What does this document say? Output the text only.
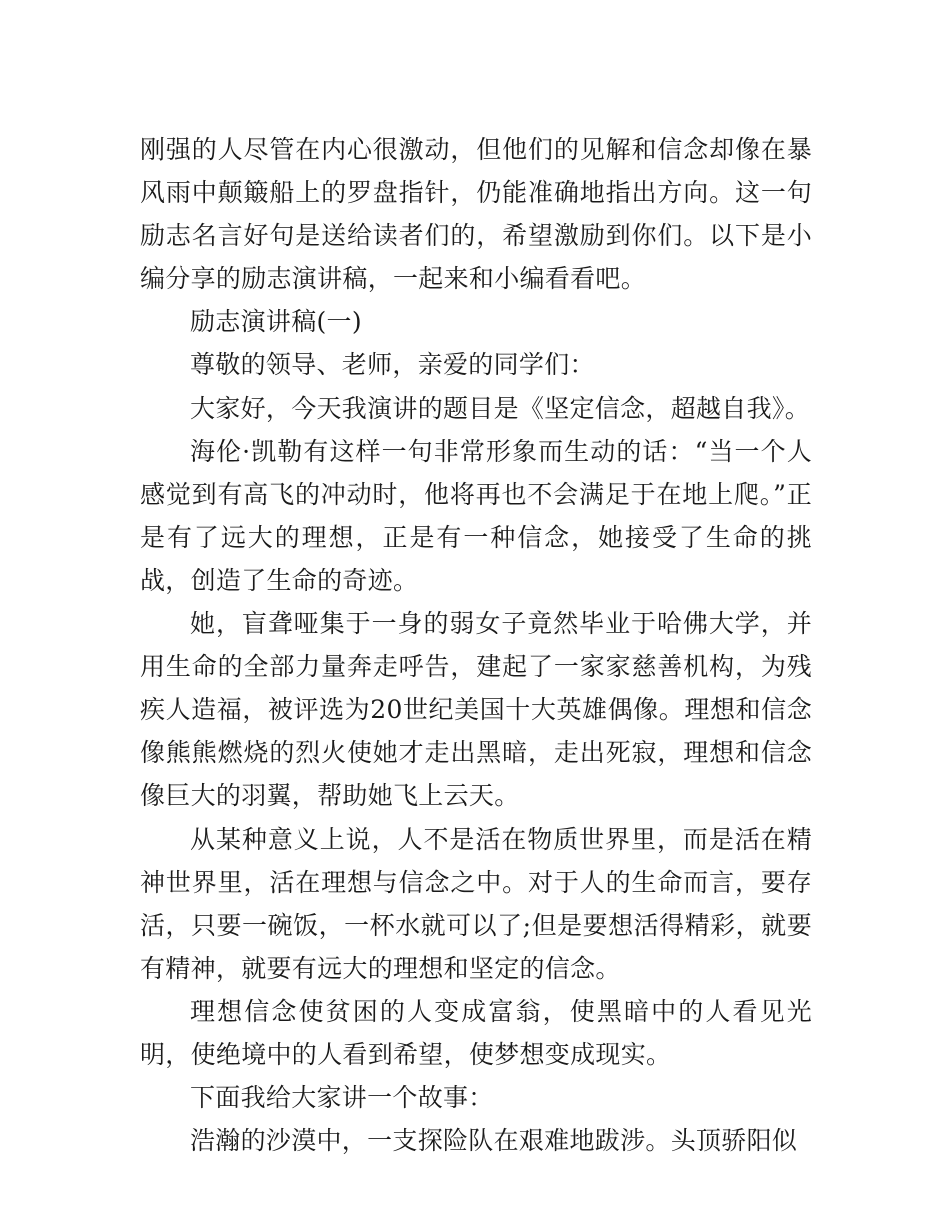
刚强的人尽管在内心很激动，但他们的见解和信念却像在暴风雨中颠簸船上的罗盘指针，仍能准确地指出方向。这一句励志名言好句是送给读者们的，希望激励到你们。以下是小编分享的励志演讲稿，一起来和小编看看吧。

励志演讲稿(一)

尊敬的领导、老师，亲爱的同学们：

大家好，今天我演讲的题目是《坚定信念，超越自我》。

海伦·凯勒有这样一句非常形象而生动的话：“当一个人感觉到有高飞的冲动时，他将再也不会满足于在地上爬。”正是有了远大的理想，正是有一种信念，她接受了生命的挑战，创造了生命的奇迹。

她，盲聋哑集于一身的弱女子竟然毕业于哈佛大学，并用生命的全部力量奔走呼告，建起了一家家慈善机构，为残疾人造福，被评选为20世纪美国十大英雄偶像。理想和信念像熊熊燃烧的烈火使她才走出黑暗，走出死寂，理想和信念像巨大的羽翼，帮助她飞上云天。

从某种意义上说，人不是活在物质世界里，而是活在精神世界里，活在理想与信念之中。对于人的生命而言，要存活，只要一碗饭，一杯水就可以了;但是要想活得精彩，就要有精神，就要有远大的理想和坚定的信念。

理想信念使贫困的人变成富翁，使黑暗中的人看见光明，使绝境中的人看到希望，使梦想变成现实。

下面我给大家讲一个故事：

浩瀚的沙漠中，一支探险队在艰难地跋涉。头顶骄阳似
